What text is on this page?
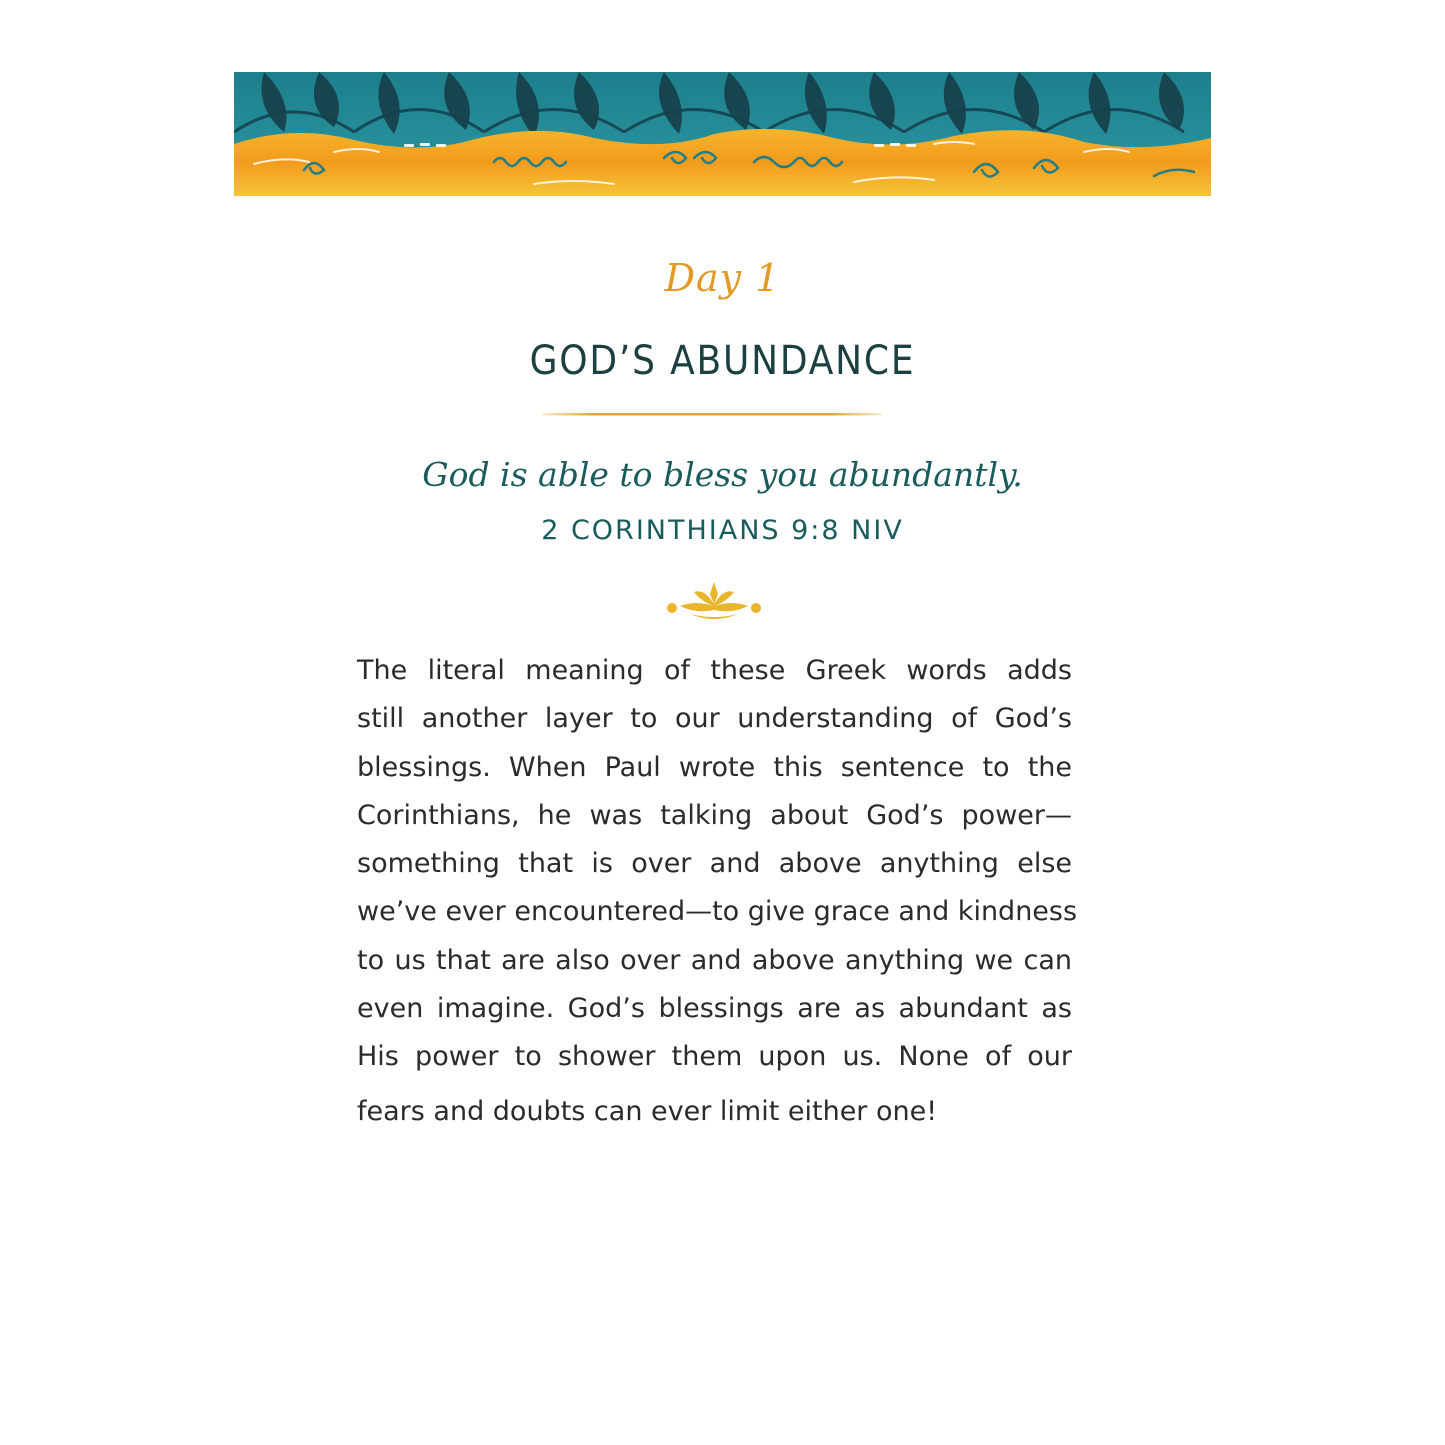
Day 1
GOD’S ABUNDANCE
God is able to bless you abundantly.
2 CORINTHIANS 9:8 NIV
The literal meaning of these Greek words adds
still another layer to our understanding of God’s
blessings. When Paul wrote this sentence to the
Corinthians, he was talking about God’s power—
something that is over and above anything else
we’ve ever encountered—to give grace and kindness
to us that are also over and above anything we can
even imagine. God’s blessings are as abundant as
His power to shower them upon us. None of our
fears and doubts can ever limit either one!
